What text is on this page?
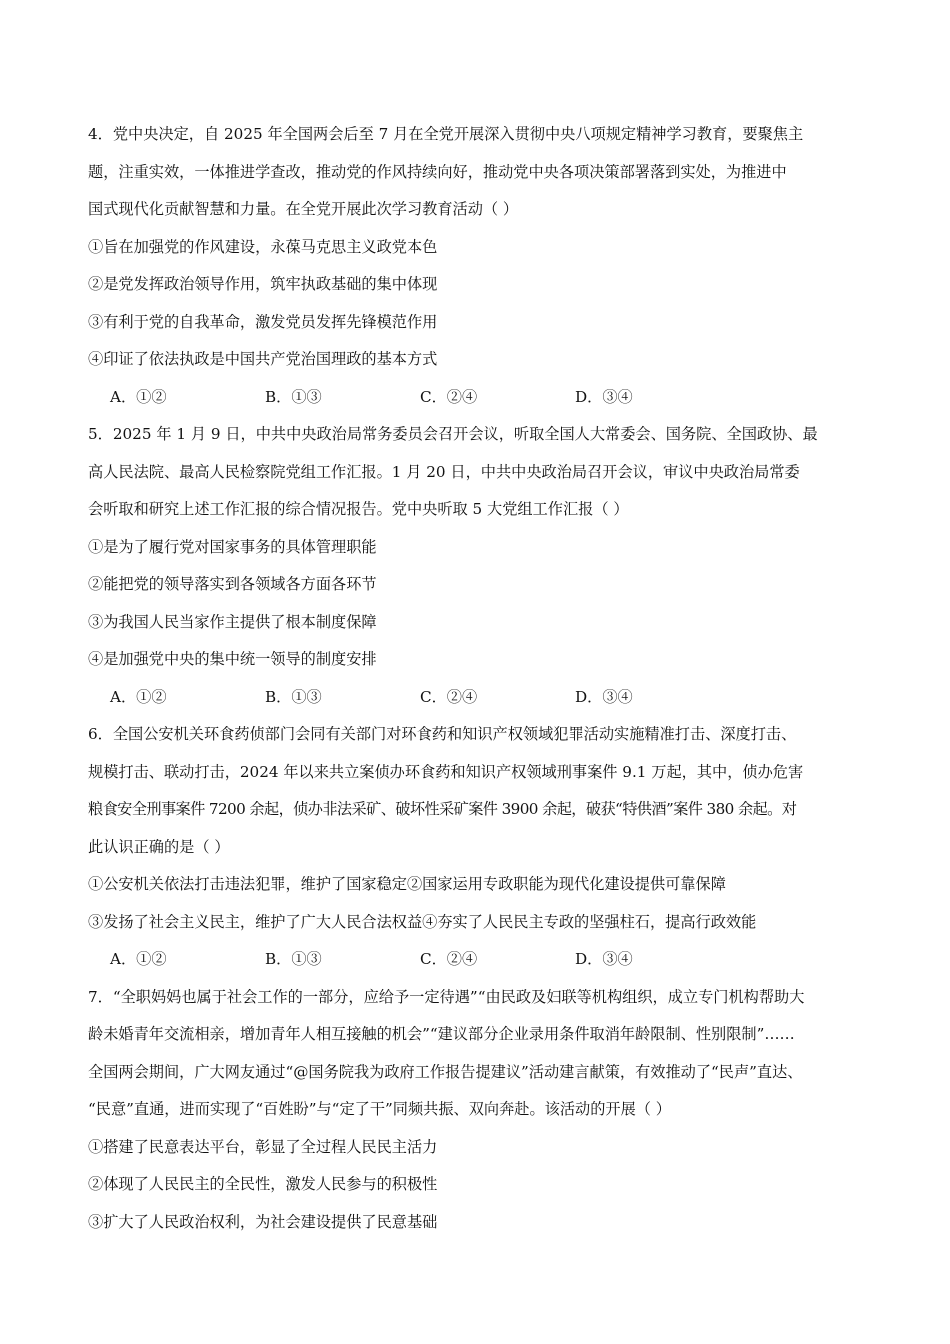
4．党中央决定，自 2025 年全国两会后至 7 月在全党开展深入贯彻中央八项规定精神学习教育，要聚焦主
题，注重实效，一体推进学查改，推动党的作风持续向好，推动党中央各项决策部署落到实处，为推进中
国式现代化贡献智慧和力量。在全党开展此次学习教育活动（ ）
①旨在加强党的作风建设，永葆马克思主义政党本色
②是党发挥政治领导作用，筑牢执政基础的集中体现
③有利于党的自我革命，激发党员发挥先锋模范作用
④印证了依法执政是中国共产党治国理政的基本方式
A．①②	B．①③	C．②④	D．③④
5．2025 年 1 月 9 日，中共中央政治局常务委员会召开会议，听取全国人大常委会、国务院、全国政协、最
高人民法院、最高人民检察院党组工作汇报。1 月 20 日，中共中央政治局召开会议，审议中央政治局常委
会听取和研究上述工作汇报的综合情况报告。党中央听取 5 大党组工作汇报（ ）
①是为了履行党对国家事务的具体管理职能
②能把党的领导落实到各领域各方面各环节
③为我国人民当家作主提供了根本制度保障
④是加强党中央的集中统一领导的制度安排
A．①②	B．①③	C．②④	D．③④
6．全国公安机关环食药侦部门会同有关部门对环食药和知识产权领域犯罪活动实施精准打击、深度打击、
规模打击、联动打击，2024 年以来共立案侦办环食药和知识产权领域刑事案件 9.1 万起，其中，侦办危害
粮食安全刑事案件 7200 余起，侦办非法采矿、破坏性采矿案件 3900 余起，破获“特供酒”案件 380 余起。对
此认识正确的是（ ）
①公安机关依法打击违法犯罪，维护了国家稳定②国家运用专政职能为现代化建设提供可靠保障
③发扬了社会主义民主，维护了广大人民合法权益④夯实了人民民主专政的坚强柱石，提高行政效能
A．①②	B．①③	C．②④	D．③④
7．“全职妈妈也属于社会工作的一部分，应给予一定待遇”“由民政及妇联等机构组织，成立专门机构帮助大
龄未婚青年交流相亲，增加青年人相互接触的机会”“建议部分企业录用条件取消年龄限制、性别限制”……
全国两会期间，广大网友通过“@国务院我为政府工作报告提建议”活动建言献策，有效推动了“民声”直达、
“民意”直通，进而实现了“百姓盼”与“定了干”同频共振、双向奔赴。该活动的开展（ ）
①搭建了民意表达平台，彰显了全过程人民民主活力
②体现了人民民主的全民性，激发人民参与的积极性
③扩大了人民政治权利，为社会建设提供了民意基础
